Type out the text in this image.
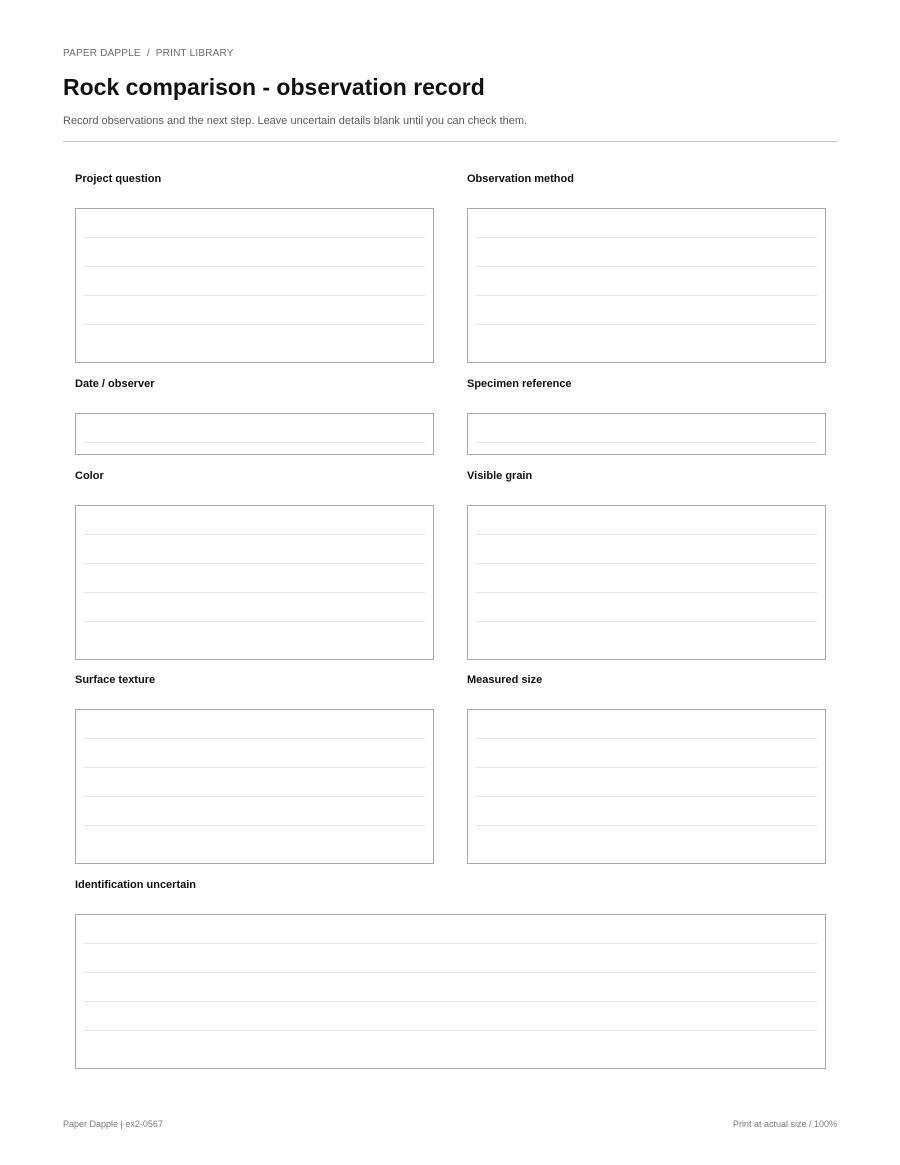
PAPER DAPPLE / PRINT LIBRARY
Rock comparison - observation record
Record observations and the next step. Leave uncertain details blank until you can check them.
Project question	Observation method
Date / observer	Specimen reference
Color	Visible grain
Surface texture	Measured size
Identification uncertain
Paper Dapple | ex2-0567	Print at actual size / 100%
